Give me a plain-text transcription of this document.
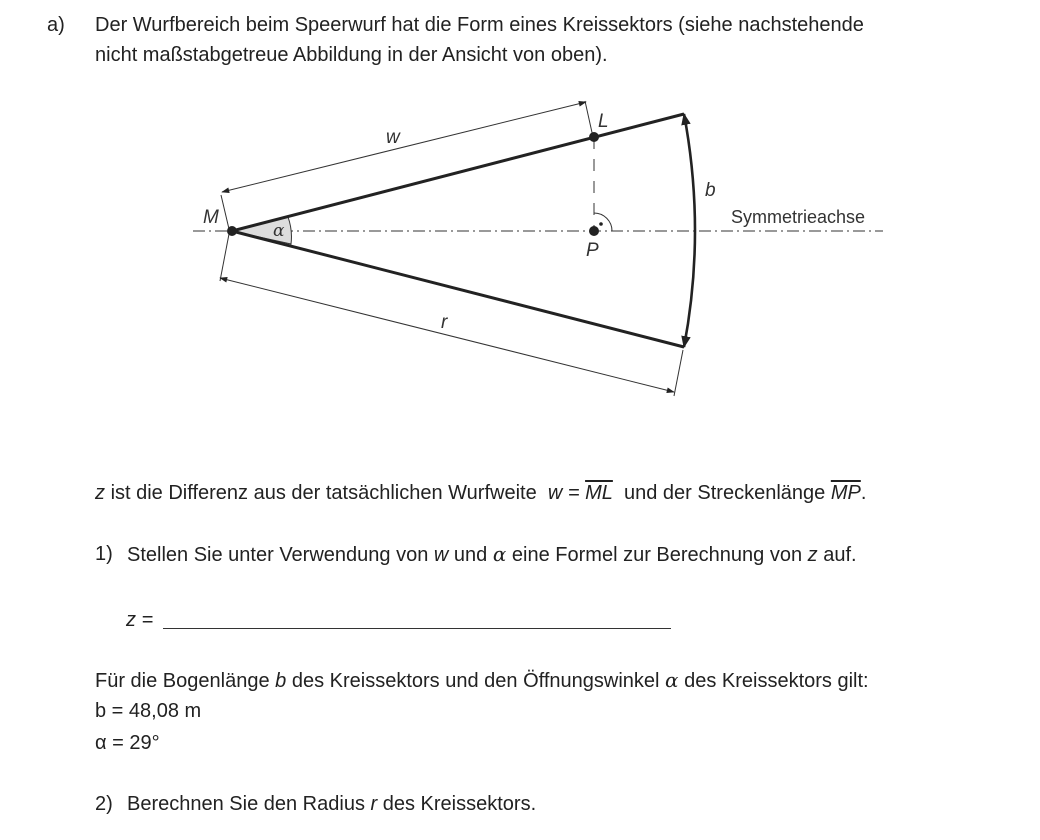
a) Der Wurfbereich beim Speerwurf hat die Form eines Kreissektors (siehe nachstehende
nicht maßstabgetreue Abbildung in der Ansicht von oben).
M
L
P
w
r
b
α
Symmetrieachse
z ist die Differenz aus der tatsächlichen Wurfweite $w = \overline{ML}$ und der Streckenlänge $\overline{MP}$.
1) Stellen Sie unter Verwendung von w und α eine Formel zur Berechnung von z auf.
z =
Für die Bogenlänge b des Kreissektors und den Öffnungswinkel α des Kreissektors gilt:
b = 48,08 m
α = 29°
2) Berechnen Sie den Radius r des Kreissektors.
